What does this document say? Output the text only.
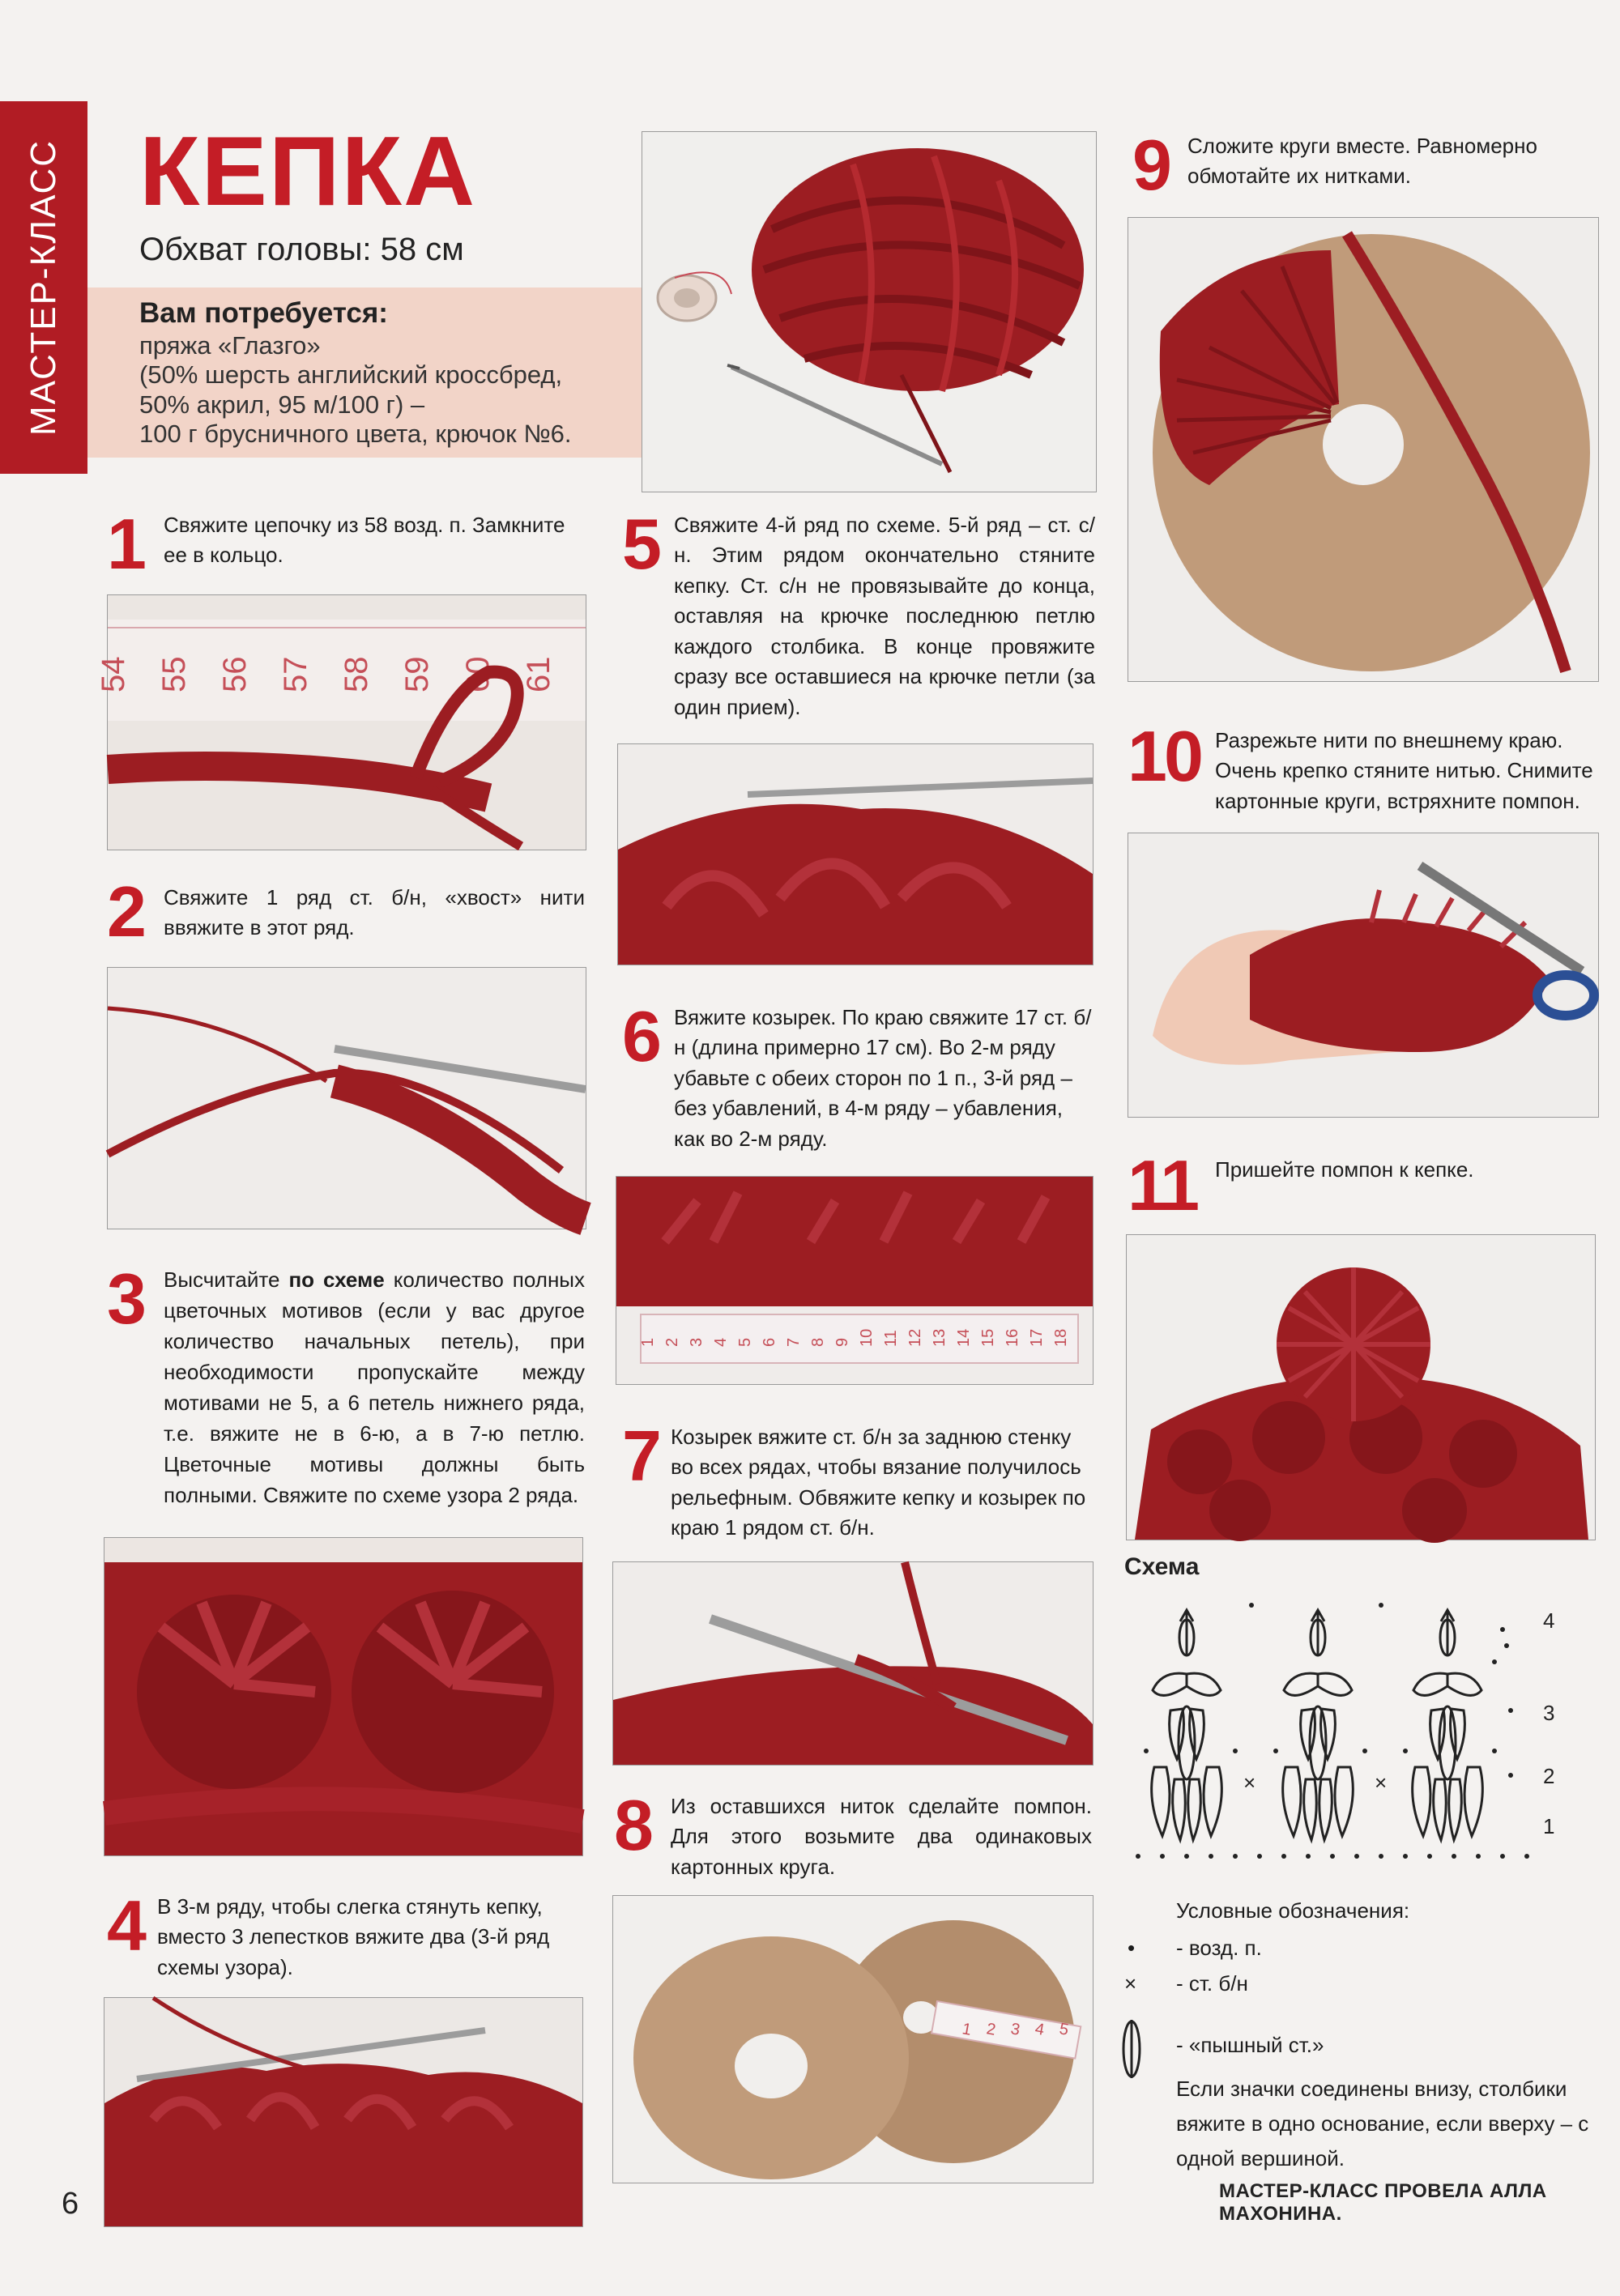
МАСТЕР-КЛАСС КЕПКА
Обхват головы: 58 см
Вам потребуется:

пряжа «Глазго»
(50% шерсть английский кроссбред,
50% акрил, 95 м/100 г) –
100 г брусничного цвета, крючок №6.

1 Свяжите цепочку из 58 возд. п. Замкните ее в кольцо.
54 55 56 57 58 59 60 61
2 Свяжите 1 ряд ст. б/н, «хвост» нити ввяжите в этот ряд.
3 Высчитайте по схеме количество полных цветочных мотивов (если у вас другое количество начальных петель), при необходимости пропускайте между мотивами не 5, а 6 петель нижнего ряда, т.е. вяжите не в 6-ю, а в 7-ю петлю. Цветочные мотивы должны быть полными. Свяжите по схеме узора 2 ряда.
4 В 3-м ряду, чтобы слегка стянуть кепку, вместо 3 лепестков вяжите два (3-й ряд схемы узора).
5 Свяжите 4-й ряд по схеме. 5-й ряд – ст. с/н. Этим рядом окончательно стяните кепку. Ст. с/н не провязывайте до конца, оставляя на крючке последнюю петлю каждого столбика. В конце провяжите сразу все оставшиеся на крючке петли (за один прием).
6 Вяжите козырек. По краю свяжите 17 ст. б/н (длина примерно 17 см). Во 2-м ряду убавьте с обеих сторон по 1 п., 3-й ряд – без убавлений, в 4-м ряду – убавления, как во 2-м ряду.
1 2 3 4 5 6 7 8 9 10 11 12 13 14 15 16 17 18
7 Козырек вяжите ст. б/н за заднюю стенку во всех рядах, чтобы вязание получилось рельефным. Обвяжите кепку и козырек по краю 1 рядом ст. б/н.
8 Из оставшихся ниток сделайте помпон. Для этого возьмите два одинаковых картонных круга.
1 2 3 4 5
9 Сложите круги вместе. Равномерно обмотайте их нитками.
10 Разрежьте нити по внешнему краю. Очень крепко стяните нитью. Снимите картонные круги, встряхните помпон.
11 Пришейте помпон к кепке.
Схема
×	×
4
3
2
1
Условные обозначения:
• - возд. п.
× - ст. б/н
- «пышный ст.»
Если значки соединены внизу, столбики вяжите в одно основание, если вверху – с одной вершиной.
6	МАСТЕР-КЛАСС ПРОВЕЛА АЛЛА МАХОНИНА.
